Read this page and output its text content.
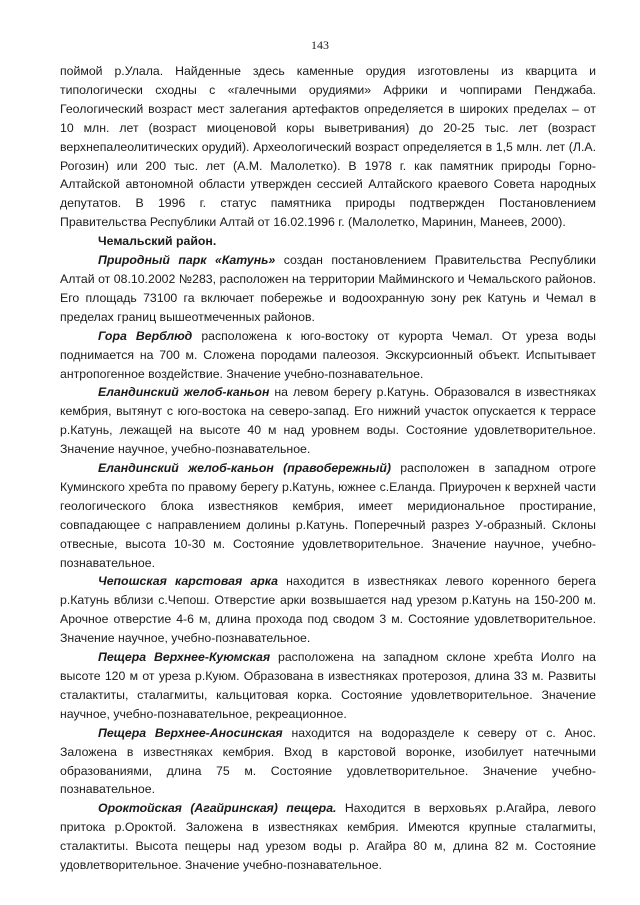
143

поймой р.Улала. Найденные здесь каменные орудия изготовлены из кварцита и типологически сходны с «галечными орудиями» Африки и чоппирами Пенджаба. Геологический возраст мест залегания артефактов определяется в широких пределах – от 10 млн. лет (возраст миоценовой коры выветривания) до 20-25 тыс. лет (возраст верхнепалеолитических орудий). Археологический возраст определяется в 1,5 млн. лет (Л.А. Рогозин) или 200 тыс. лет (А.М. Малолетко). В 1978 г. как памятник природы Горно-Алтайской автономной области утвержден сессией Алтайского краевого Совета народных депутатов. В 1996 г. статус памятника природы подтвержден Постановлением Правительства Республики Алтай от 16.02.1996 г. (Малолетко, Маринин, Манеев, 2000).

Чемальский район.

Природный парк «Катунь» создан постановлением Правительства Республики Алтай от 08.10.2002 №283, расположен на территории Майминского и Чемальского районов. Его площадь 73100 га включает побережье и водоохранную зону рек Катунь и Чемал в пределах границ вышеотмеченных районов.

Гора Верблюд расположена к юго-востоку от курорта Чемал. От уреза воды поднимается на 700 м. Сложена породами палеозоя. Экскурсионный объект. Испытывает антропогенное воздействие. Значение учебно-познавательное.

Еландинский желоб-каньон на левом берегу р.Катунь. Образовался в известняках кембрия, вытянут с юго-востока на северо-запад. Его нижний участок опускается к террасе р.Катунь, лежащей на высоте 40 м над уровнем воды. Состояние удовлетворительное. Значение научное, учебно-познавательное.

Еландинский желоб-каньон (правобережный) расположен в западном отроге Куминского хребта по правому берегу р.Катунь, южнее с.Еланда. Приурочен к верхней части геологического блока известняков кембрия, имеет меридиональное простирание, совпадающее с направлением долины р.Катунь. Поперечный разрез У-образный. Склоны отвесные, высота 10-30 м. Состояние удовлетворительное. Значение научное, учебно-познавательное.

Чепошская карстовая арка находится в известняках левого коренного берега р.Катунь вблизи с.Чепош. Отверстие арки возвышается над урезом р.Катунь на 150-200 м. Арочное отверстие 4-6 м, длина прохода под сводом 3 м. Состояние удовлетворительное. Значение научное, учебно-познавательное.

Пещера Верхнее-Куюмская расположена на западном склоне хребта Иолго на высоте 120 м от уреза р.Куюм. Образована в известняках протерозоя, длина 33 м. Развиты сталактиты, сталагмиты, кальцитовая корка. Состояние удовлетворительное. Значение научное, учебно-познавательное, рекреационное.

Пещера Верхнее-Аносинская находится на водоразделе к северу от с. Анос. Заложена в известняках кембрия. Вход в карстовой воронке, изобилует натечными образованиями, длина 75 м. Состояние удовлетворительное. Значение учебно-познавательное.

Ороктойская (Агайринская) пещера. Находится в верховьях р.Агайра, левого притока р.Ороктой. Заложена в известняках кембрия. Имеются крупные сталагмиты, сталактиты. Высота пещеры над урезом воды р. Агайра 80 м, длина 82 м. Состояние удовлетворительное. Значение учебно-познавательное.
